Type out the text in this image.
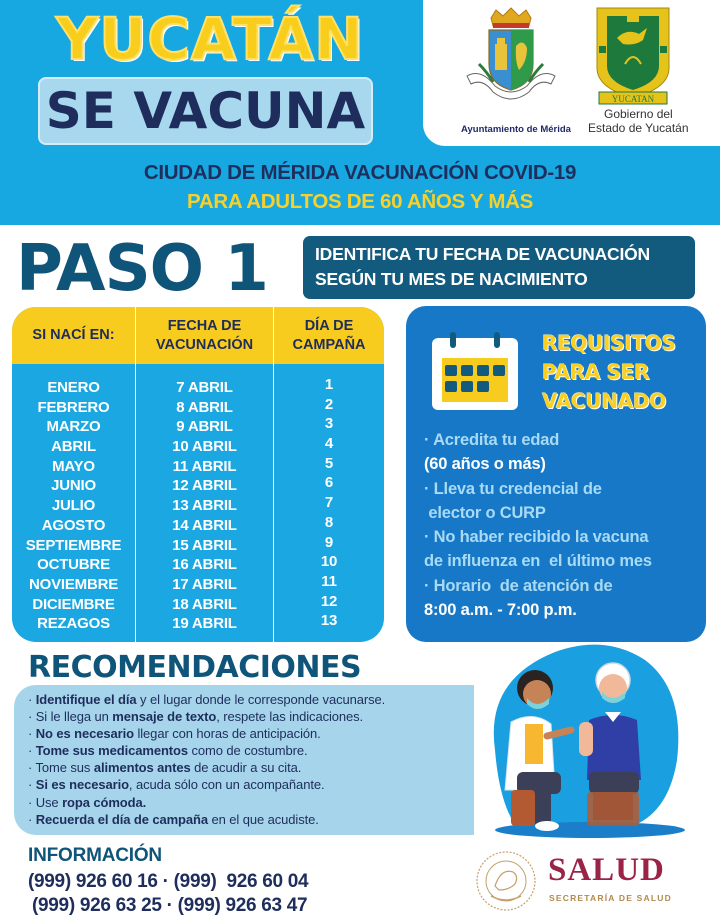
YUCATÁN
SE VACUNA	Ayuntamiento de Mérida
YUCATAN
Gobierno del
Estado de Yucatán
CIUDAD DE MÉRIDA VACUNACIÓN COVID-19
PARA ADULTOS DE 60 AÑOS Y MÁS
PASO 1	IDENTIFICA TU FECHA DE VACUNACIÓN
SEGÚN TU MES DE NACIMIENTO
SI NACÍ EN:
FECHA DE
VACUNACIÓN
DÍA DE
CAMPAÑA
ENERO
FEBRERO
MARZO
ABRIL
MAYO
JUNIO
JULIO
AGOSTO
SEPTIEMBRE
OCTUBRE
NOVIEMBRE
DICIEMBRE
REZAGOS
7 ABRIL
8 ABRIL
9 ABRIL
10 ABRIL
11 ABRIL
12 ABRIL
13 ABRIL
14 ABRIL
15 ABRIL
16 ABRIL
17 ABRIL
18 ABRIL
19 ABRIL
1
2
3
4
5
6
7
8
9
10
11
12
13
REQUISITOS
PARA SER
VACUNADO
· Acredita tu edad
(60 años o más)
· Lleva tu credencial de
elector o CURP
· No haber recibido la vacuna
de influenza en  el último mes
· Horario  de atención de
8:00 a.m. - 7:00 p.m.
RECOMENDACIONES
· Identifique el día y el lugar donde le corresponde vacunarse.
· Si le llega un mensaje de texto, respete las indicaciones.
· No es necesario llegar con horas de anticipación.
· Tome sus medicamentos como de costumbre.
· Tome sus alimentos antes de acudir a su cita.
· Si es necesario, acuda sólo con un acompañante.
· Use ropa cómoda.
· Recuerda el día de campaña en el que acudiste.
INFORMACIÓN
(999) 926 60 16 · (999)  926 60 04
(999) 926 63 25 · (999) 926 63 47
SALUD
SECRETARÍA DE SALUD
